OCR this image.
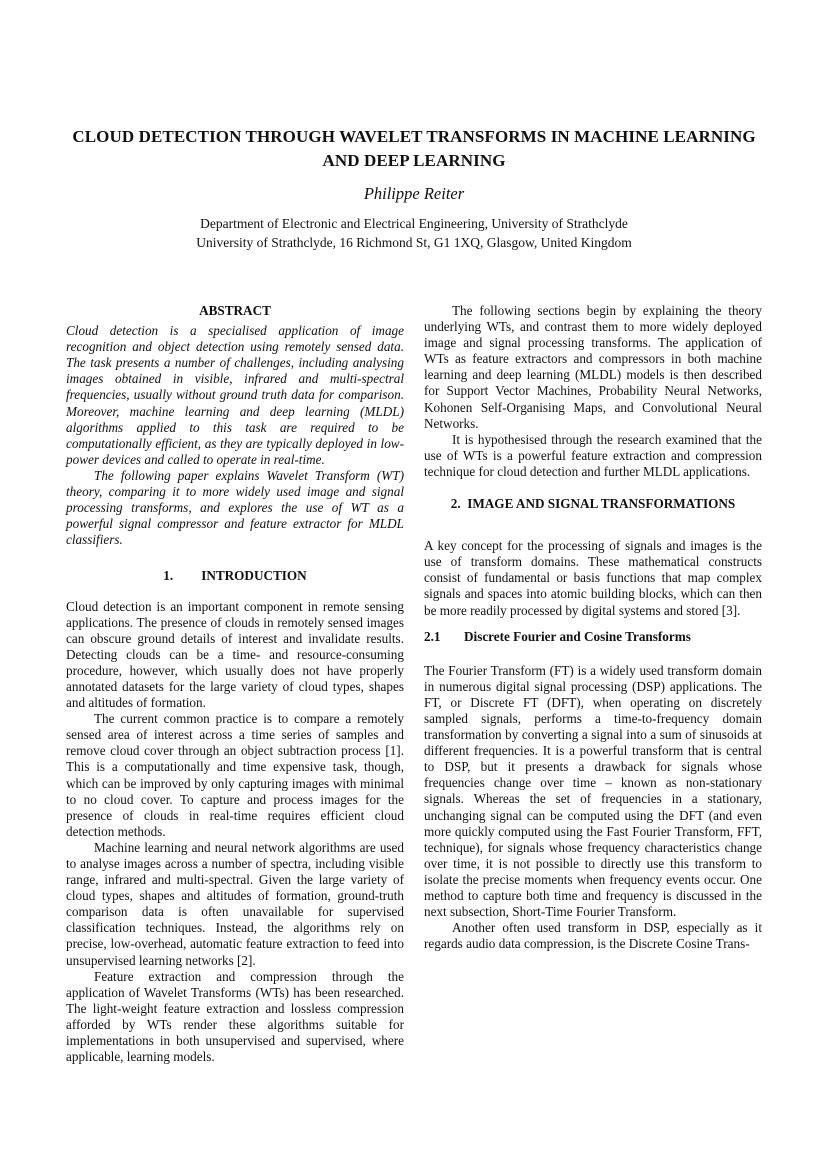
CLOUD DETECTION THROUGH WAVELET TRANSFORMS IN MACHINE LEARNING AND DEEP LEARNING
Philippe Reiter
Department of Electronic and Electrical Engineering, University of Strathclyde
University of Strathclyde, 16 Richmond St, G1 1XQ, Glasgow, United Kingdom
ABSTRACT

Cloud detection is a specialised application of image recognition and object detection using remotely sensed data. The task presents a number of challenges, including analysing images obtained in visible, infrared and multi-spectral frequencies, usually without ground truth data for comparison. Moreover, machine learning and deep learning (MLDL) algorithms applied to this task are required to be computationally efficient, as they are typically deployed in low-power devices and called to operate in real-time.

The following paper explains Wavelet Transform (WT) theory, comparing it to more widely used image and signal processing transforms, and explores the use of WT as a powerful signal compressor and feature extractor for MLDL classifiers.

1. INTRODUCTION

Cloud detection is an important component in remote sensing applications. The presence of clouds in remotely sensed images can obscure ground details of interest and invalidate results. Detecting clouds can be a time- and resource-consuming procedure, however, which usually does not have properly annotated datasets for the large variety of cloud types, shapes and altitudes of formation.

The current common practice is to compare a remotely sensed area of interest across a time series of samples and remove cloud cover through an object subtraction process [1]. This is a computationally and time expensive task, though, which can be improved by only capturing images with minimal to no cloud cover. To capture and process images for the presence of clouds in real-time requires efficient cloud detection methods.

Machine learning and neural network algorithms are used to analyse images across a number of spectra, including visible range, infrared and multi-spectral. Given the large variety of cloud types, shapes and altitudes of formation, ground-truth comparison data is often unavailable for supervised classification techniques. Instead, the algorithms rely on precise, low-overhead, automatic feature extraction to feed into unsupervised learning networks [2].

Feature extraction and compression through the application of Wavelet Transforms (WTs) has been researched. The light-weight feature extraction and lossless compression afforded by WTs render these algorithms suitable for implementations in both unsupervised and supervised, where applicable, learning models.

The following sections begin by explaining the theory underlying WTs, and contrast them to more widely deployed image and signal processing transforms. The application of WTs as feature extractors and compressors in both machine learning and deep learning (MLDL) models is then described for Support Vector Machines, Probability Neural Networks, Kohonen Self-Organising Maps, and Convolutional Neural Networks.

It is hypothesised through the research examined that the use of WTs is a powerful feature extraction and compression technique for cloud detection and further MLDL applications.

2. IMAGE AND SIGNAL TRANSFORMATIONS

A key concept for the processing of signals and images is the use of transform domains. These mathematical constructs consist of fundamental or basis functions that map complex signals and spaces into atomic building blocks, which can then be more readily processed by digital systems and stored [3].

2.1 Discrete Fourier and Cosine Transforms

The Fourier Transform (FT) is a widely used transform domain in numerous digital signal processing (DSP) applications. The FT, or Discrete FT (DFT), when operating on discretely sampled signals, performs a time-to-frequency domain transformation by converting a signal into a sum of sinusoids at different frequencies. It is a powerful transform that is central to DSP, but it presents a drawback for signals whose frequencies change over time – known as non-stationary signals. Whereas the set of frequencies in a stationary, unchanging signal can be computed using the DFT (and even more quickly computed using the Fast Fourier Transform, FFT, technique), for signals whose frequency characteristics change over time, it is not possible to directly use this transform to isolate the precise moments when frequency events occur. One method to capture both time and frequency is discussed in the next subsection, Short-Time Fourier Transform.

Another often used transform in DSP, especially as it regards audio data compression, is the Discrete Cosine Trans-
